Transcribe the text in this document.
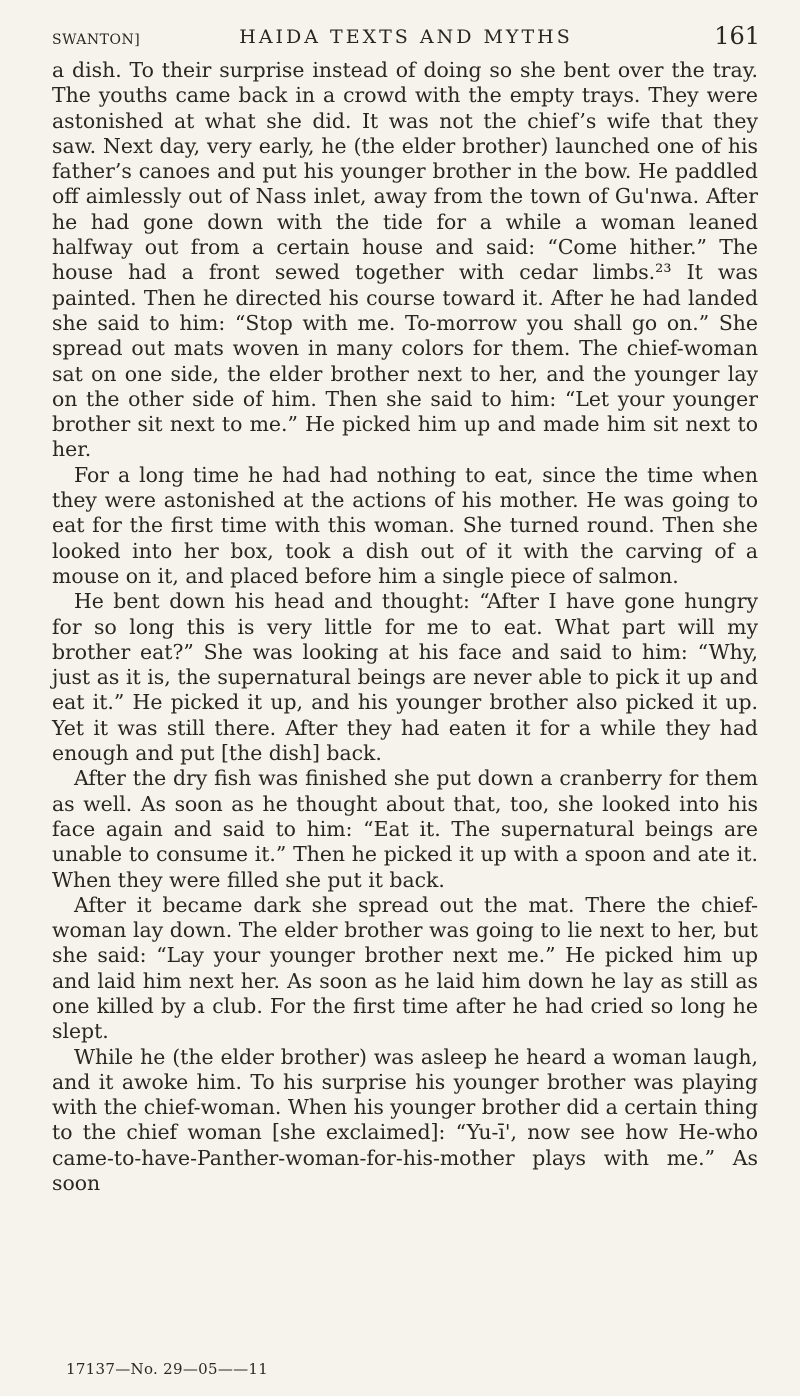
SWANTON]	HAIDA TEXTS AND MYTHS	161

a dish. To their surprise instead of doing so she bent over the tray. The youths came back in a crowd with the empty trays. They were astonished at what she did. It was not the chief’s wife that they saw. Next day, very early, he (the elder brother) launched one of his father’s canoes and put his younger brother in the bow. He paddled off aimlessly out of Nass inlet, away from the town of Gu'nwa. After he had gone down with the tide for a while a woman leaned halfway out from a certain house and said: “Come hither.” The house had a front sewed together with cedar limbs.²³ It was painted. Then he directed his course toward it. After he had landed she said to him: “Stop with me. To-morrow you shall go on.” She spread out mats woven in many colors for them. The chief-woman sat on one side, the elder brother next to her, and the younger lay on the other side of him. Then she said to him: “Let your younger brother sit next to me.” He picked him up and made him sit next to her.

For a long time he had had nothing to eat, since the time when they were astonished at the actions of his mother. He was going to eat for the first time with this woman. She turned round. Then she looked into her box, took a dish out of it with the carving of a mouse on it, and placed before him a single piece of salmon.

He bent down his head and thought: “After I have gone hungry for so long this is very little for me to eat. What part will my brother eat?” She was looking at his face and said to him: “Why, just as it is, the supernatural beings are never able to pick it up and eat it.” He picked it up, and his younger brother also picked it up. Yet it was still there. After they had eaten it for a while they had enough and put [the dish] back.

After the dry fish was finished she put down a cranberry for them as well. As soon as he thought about that, too, she looked into his face again and said to him: “Eat it. The supernatural beings are unable to consume it.” Then he picked it up with a spoon and ate it. When they were filled she put it back.

After it became dark she spread out the mat. There the chief-woman lay down. The elder brother was going to lie next to her, but she said: “Lay your younger brother next me.” He picked him up and laid him next her. As soon as he laid him down he lay as still as one killed by a club. For the first time after he had cried so long he slept.

While he (the elder brother) was asleep he heard a woman laugh, and it awoke him. To his surprise his younger brother was playing with the chief-woman. When his younger brother did a certain thing to the chief woman [she exclaimed]: “Yu-ī', now see how He-who came-to-have-Panther-woman-for-his-mother plays with me.” As soon

17137—No. 29—05——11
